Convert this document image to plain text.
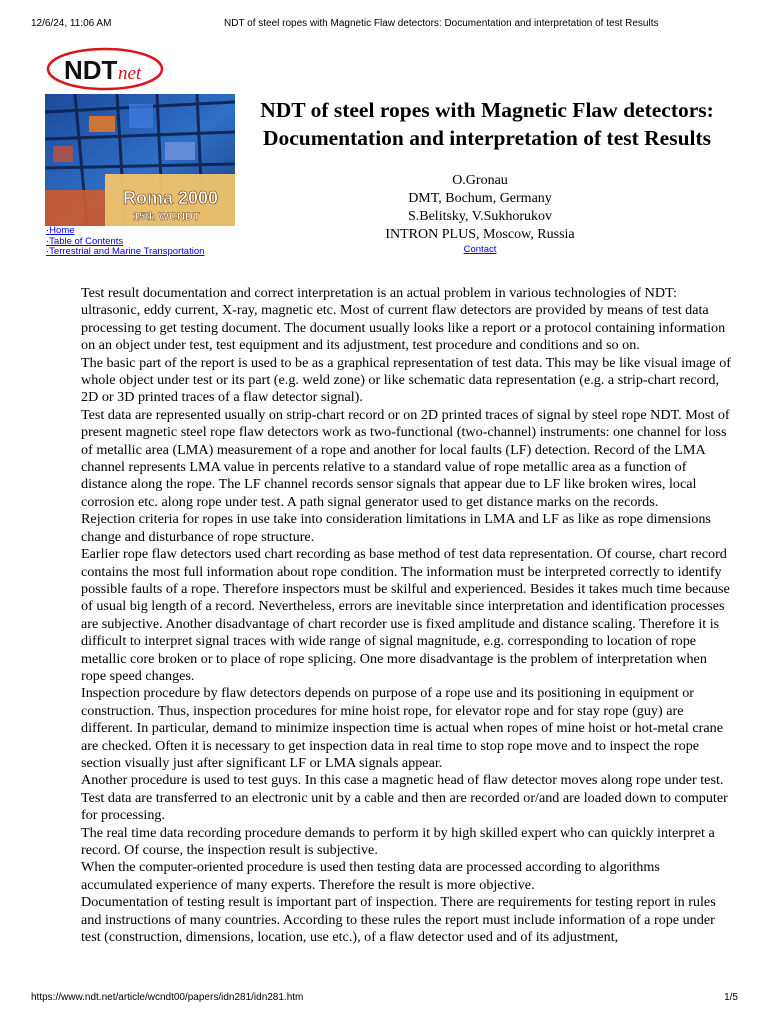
12/6/24, 11:06 AM	NDT of steel ropes with Magnetic Flaw detectors: Documentation and interpretation of test Results
NDT net
Roma 2000
15th WCNDT
·Home
·Table of Contents
·Terrestrial and Marine Transportation
NDT of steel ropes with Magnetic Flaw detectors:
Documentation and interpretation of test Results
O.Gronau
DMT, Bochum, Germany
S.Belitsky, V.Sukhorukov
INTRON PLUS, Moscow, Russia
Contact

Test result documentation and correct interpretation is an actual problem in various technologies of NDT: ultrasonic, eddy current, X-ray, magnetic etc. Most of current flaw detectors are provided by means of test data processing to get testing document. The document usually looks like a report or a protocol containing information on an object under test, test equipment and its adjustment, test procedure and conditions and so on.

The basic part of the report is used to be as a graphical representation of test data. This may be like visual image of whole object under test or its part (e.g. weld zone) or like schematic data representation (e.g. a strip-chart record, 2D or 3D printed traces of a flaw detector signal).

Test data are represented usually on strip-chart record or on 2D printed traces of signal by steel rope NDT. Most of present magnetic steel rope flaw detectors work as two-functional (two-channel) instruments: one channel for loss of metallic area (LMA) measurement of a rope and another for local faults (LF) detection. Record of the LMA channel represents LMA value in percents relative to a standard value of rope metallic area as a function of distance along the rope. The LF channel records sensor signals that appear due to LF like broken wires, local corrosion etc. along rope under test. A path signal generator used to get distance marks on the records.

Rejection criteria for ropes in use take into consideration limitations in LMA and LF as like as rope dimensions change and disturbance of rope structure.

Earlier rope flaw detectors used chart recording as base method of test data representation. Of course, chart record contains the most full information about rope condition. The information must be interpreted correctly to identify possible faults of a rope. Therefore inspectors must be skilful and experienced. Besides it takes much time because of usual big length of a record. Nevertheless, errors are inevitable since interpretation and identification processes are subjective. Another disadvantage of chart recorder use is fixed amplitude and distance scaling. Therefore it is difficult to interpret signal traces with wide range of signal magnitude, e.g. corresponding to location of rope metallic core broken or to place of rope splicing. One more disadvantage is the problem of interpretation when rope speed changes.

Inspection procedure by flaw detectors depends on purpose of a rope use and its positioning in equipment or construction. Thus, inspection procedures for mine hoist rope, for elevator rope and for stay rope (guy) are different. In particular, demand to minimize inspection time is actual when ropes of mine hoist or hot-metal crane are checked. Often it is necessary to get inspection data in real time to stop rope move and to inspect the rope section visually just after significant LF or LMA signals appear.

Another procedure is used to test guys. In this case a magnetic head of flaw detector moves along rope under test. Test data are transferred to an electronic unit by a cable and then are recorded or/and are loaded down to computer for processing.

The real time data recording procedure demands to perform it by high skilled expert who can quickly interpret a record. Of course, the inspection result is subjective.

When the computer-oriented procedure is used then testing data are processed according to algorithms accumulated experience of many experts. Therefore the result is more objective.

Documentation of testing result is important part of inspection. There are requirements for testing report in rules and instructions of many countries. According to these rules the report must include information of a rope under test (construction, dimensions, location, use etc.), of a flaw detector used and of its adjustment,

https://www.ndt.net/article/wcndt00/papers/idn281/idn281.htm	1/5
